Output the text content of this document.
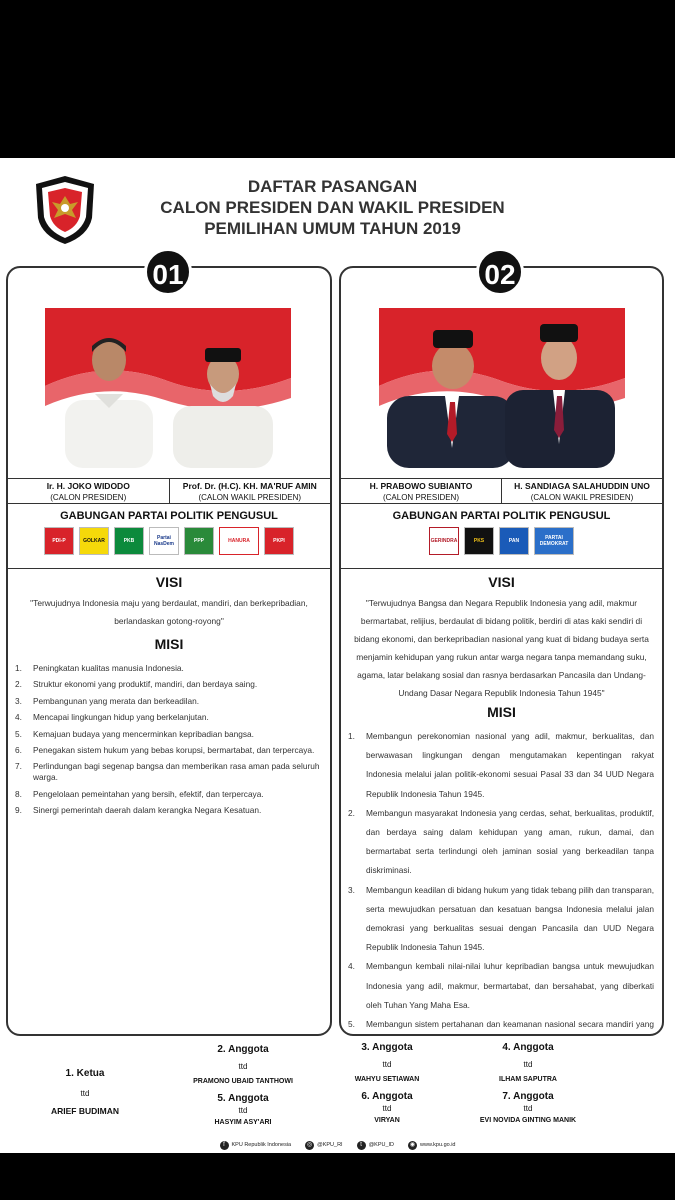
DAFTAR PASANGAN
CALON PRESIDEN DAN WAKIL PRESIDEN
PEMILIHAN UMUM TAHUN 2019
01	02
Ir. H. JOKO WIDODO
(CALON PRESIDEN)
Prof. Dr. (H.C). KH. MA'RUF AMIN
(CALON WAKIL PRESIDEN)
GABUNGAN PARTAI POLITIK PENGUSUL
PDI-P	GOLKAR	PKB	Partai NasDem	PPP	HANURA	PKPI
VISI
"Terwujudnya Indonesia maju yang berdaulat, mandiri, dan berkepribadian, berlandaskan gotong-royong"
MISI
1.	Peningkatan kualitas manusia Indonesia.
2.	Struktur ekonomi yang produktif, mandiri, dan berdaya saing.
3.	Pembangunan yang merata dan berkeadilan.
4.	Mencapai lingkungan hidup yang berkelanjutan.
5.	Kemajuan budaya yang mencerminkan kepribadian bangsa.
6.	Penegakan sistem hukum yang bebas korupsi, bermartabat, dan terpercaya.
7.	Perlindungan bagi segenap bangsa dan memberikan rasa aman pada seluruh warga.
8.	Pengelolaan pemeintahan yang bersih, efektif, dan terpercaya.
9.	Sinergi pemerintah daerah dalam kerangka Negara Kesatuan.
H. PRABOWO SUBIANTO
(CALON PRESIDEN)
H. SANDIAGA SALAHUDDIN UNO
(CALON WAKIL PRESIDEN)
GABUNGAN PARTAI POLITIK PENGUSUL
GERINDRA	PKS	PAN	PARTAI DEMOKRAT
VISI
"Terwujudnya Bangsa dan Negara Republik Indonesia yang adil, makmur bermartabat, relijius, berdaulat di bidang politik, berdiri di atas kaki sendiri di bidang ekonomi, dan berkepribadian nasional yang kuat di bidang budaya serta menjamin kehidupan yang rukun antar warga negara tanpa memandang suku, agama, latar belakang sosial dan rasnya berdasarkan Pancasila dan Undang-Undang Dasar Negara Republik Indonesia Tahun 1945"
MISI
1.	Membangun perekonomian nasional yang adil, makmur, berkualitas, dan berwawasan lingkungan dengan mengutamakan kepentingan rakyat Indonesia melalui jalan politik-ekonomi sesuai Pasal 33 dan 34 UUD Negara Republik Indonesia Tahun 1945.
2.	Membangun masyarakat Indonesia yang cerdas, sehat, berkualitas, produktif, dan berdaya saing dalam kehidupan yang aman, rukun, damai, dan bermartabat serta terlindungi oleh jaminan sosial yang berkeadilan tanpa diskriminasi.
3.	Membangun keadilan di bidang hukum yang tidak tebang pilih dan transparan, serta mewujudkan persatuan dan kesatuan bangsa Indonesia melalui jalan demokrasi yang berkualitas sesuai dengan Pancasila dan UUD Negara Republik Indonesia Tahun 1945.
4.	Membangun kembali nilai-nilai luhur kepribadian bangsa untuk mewujudkan Indonesia yang adil, makmur, bermartabat, dan bersahabat, yang diberkati oleh Tuhan Yang Maha Esa.
5.	Membangun sistem pertahanan dan keamanan nasional secara mandiri yang
1. Ketua
ttd
ARIEF BUDIMAN
2. Anggota
ttd
PRAMONO UBAID TANTHOWI
5. Anggota
ttd
HASYIM ASY'ARI
3. Anggota
ttd
WAHYU SETIAWAN
6. Anggota
ttd
VIRYAN
4. Anggota
ttd
ILHAM SAPUTRA
7. Anggota
ttd
EVI NOVIDA GINTING MANIK
f KPU Republik Indonesia	◎ @KPU_RI	t @KPU_ID	◉ www.kpu.go.id
